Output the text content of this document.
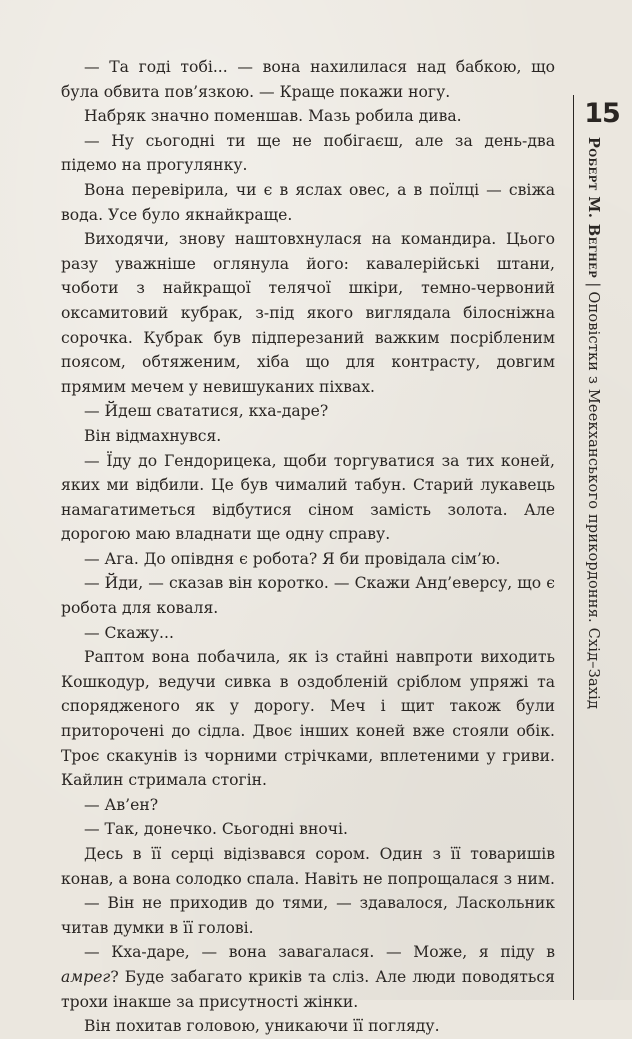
— Та годі тобі... — вона нахилилася над бабкою, що була обвита пов’язкою. — Краще покажи ногу.

Набряк значно поменшав. Мазь робила дива.

— Ну сьогодні ти ще не побігаєш, але за день-два підемо на прогулянку.

Вона перевірила, чи є в яслах овес, а в поїлці — свіжа вода. Усе було якнайкраще.

Виходячи, знову наштовхнулася на командира. Цього разу уважніше оглянула його: кавалерійські штани, чоботи з найкращої телячої шкіри, темно-червоний оксамитовий кубрак, з-під якого виглядала білосніжна сорочка. Кубрак був підперезаний важким посрібленим поясом, обтяженим, хіба що для контрасту, довгим прямим мечем у невишуканих піхвах.

— Йдеш свататися, кха-даре?

Він відмахнувся.

— Їду до Гендорицека, щоби торгуватися за тих коней, яких ми відбили. Це був чималий табун. Старий лукавець намагатиметься відбутися сіном замість золота. Але дорогою маю владнати ще одну справу.

— Ага. До опівдня є робота? Я би провідала сім’ю.

— Йди, — сказав він коротко. — Скажи Анд’еверсу, що є робота для коваля.

— Скажу...

Раптом вона побачила, як із стайні навпроти виходить Кошкодур, ведучи сивка в оздобленій сріблом упряжі та спорядженого як у дорогу. Меч і щит також були приторочені до сідла. Двоє інших коней вже стояли обік. Троє скакунів із чорними стрічками, вплетеними у гриви. Кайлин стримала стогін.

— Ав’ен?

— Так, донечко. Сьогодні вночі.

Десь в її серці відізвався сором. Один з її товаришів конав, а вона солодко спала. Навіть не попрощалася з ним.

— Він не приходив до тями, — здавалося, Ласкольник читав думки в її голові.

— Кха-даре, — вона завагалася. — Може, я піду в амрег? Буде забагато криків та сліз. Але люди поводяться трохи інакше за присутності жінки.

Він похитав головою, уникаючи її погляду.

15
Роберт М. Вегнер|Оповістки з Меекханського прикордоння. Схід–Захід
